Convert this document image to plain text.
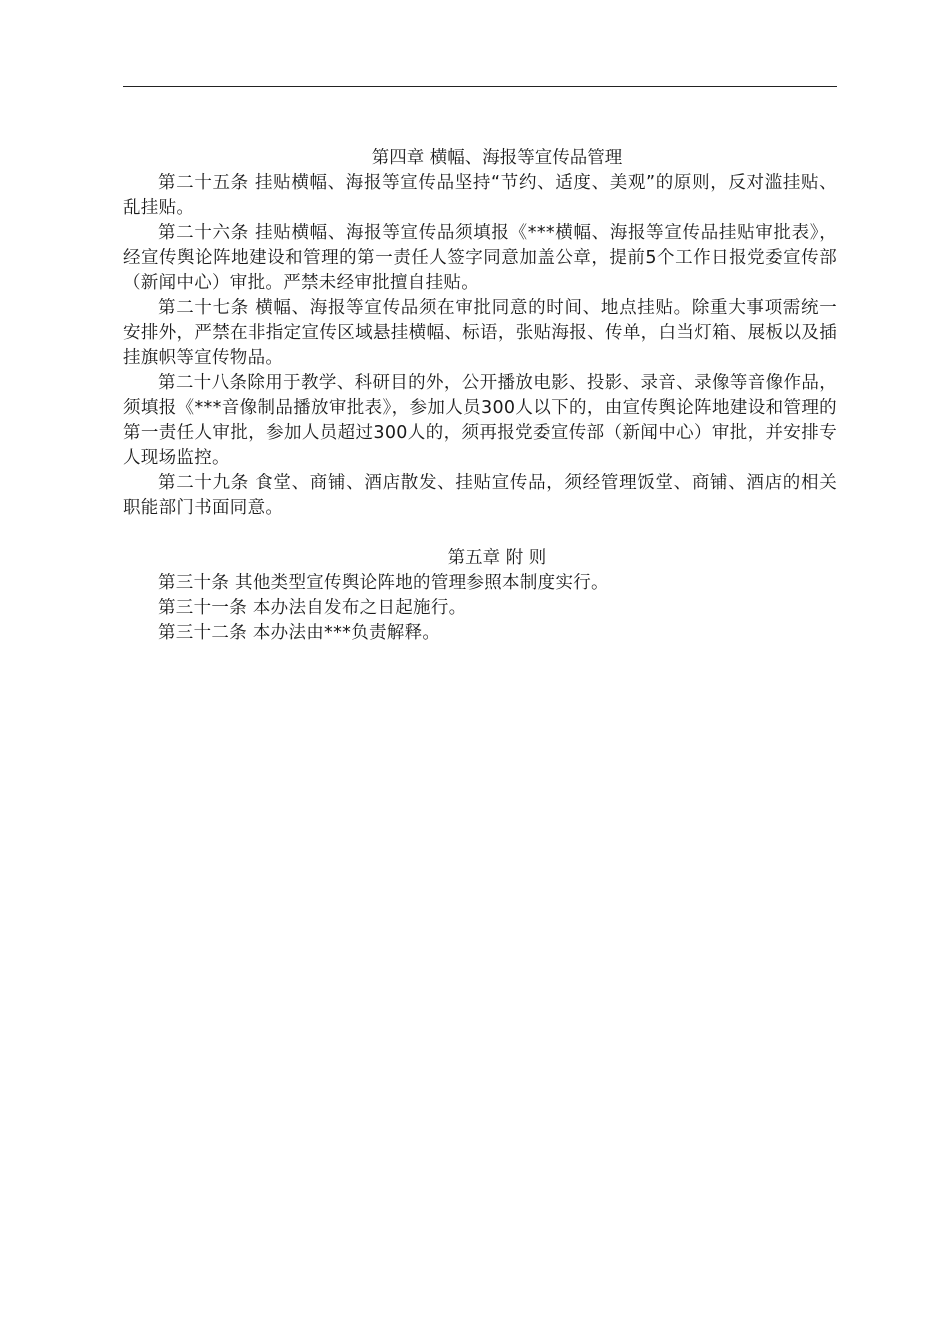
第四章 横幅、海报等宣传品管理

第二十五条 挂贴横幅、海报等宣传品坚持“节约、适度、美观”的原则，反对滥挂贴、乱挂贴。

第二十六条 挂贴横幅、海报等宣传品须填报《***横幅、海报等宣传品挂贴审批表》，经宣传舆论阵地建设和管理的第一责任人签字同意加盖公章，提前5个工作日报党委宣传部（新闻中心）审批。严禁未经审批擅自挂贴。

第二十七条 横幅、海报等宣传品须在审批同意的时间、地点挂贴。除重大事项需统一安排外，严禁在非指定宣传区域悬挂横幅、标语，张贴海报、传单，白当灯箱、展板以及插挂旗帜等宣传物品。

第二十八条除用于教学、科研目的外，公开播放电影、投影、录音、录像等音像作品，须填报《***音像制品播放审批表》，参加人员300人以下的，由宣传舆论阵地建设和管理的第一责任人审批，参加人员超过300人的，须再报党委宣传部（新闻中心）审批，并安排专人现场监控。

第二十九条 食堂、商铺、酒店散发、挂贴宣传品，须经管理饭堂、商铺、酒店的相关职能部门书面同意。

第五章 附 则

第三十条 其他类型宣传舆论阵地的管理参照本制度实行。

第三十一条 本办法自发布之日起施行。

第三十二条 本办法由***负责解释。
